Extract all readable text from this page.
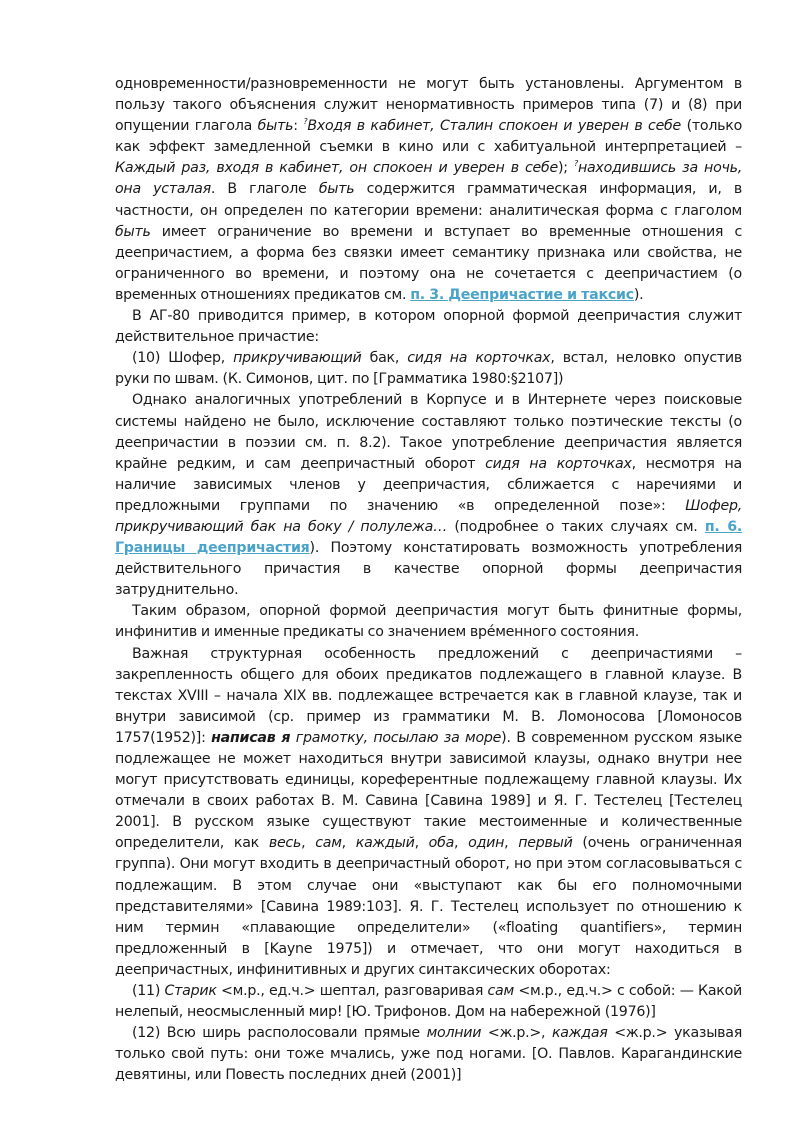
одновременности/разновременности не могут быть установлены. Аргументом в пользу такого объяснения служит ненормативность примеров типа (7) и (8) при опущении глагола быть: ?Входя в кабинет, Сталин спокоен и уверен в себе (только как эффект замедленной съемки в кино или с хабитуальной интерпретацией – Каждый раз, входя в кабинет, он спокоен и уверен в себе); ?находившись за ночь, она усталая. В глаголе быть содержится грамматическая информация, и, в частности, он определен по категории времени: аналитическая форма с глаголом быть имеет ограничение во времени и вступает во временные отношения с деепричастием, а форма без связки имеет семантику признака или свойства, не ограниченного во времени, и поэтому она не сочетается с деепричастием (о временных отношениях предикатов см. п. 3. Деепричастие и таксис).

В АГ-80 приводится пример, в котором опорной формой деепричастия служит действительное причастие:

(10) Шофер, прикручивающий бак, сидя на корточках, встал, неловко опустив руки по швам. (К. Симонов, цит. по [Грамматика 1980:§2107])

Однако аналогичных употреблений в Корпусе и в Интернете через поисковые системы найдено не было, исключение составляют только поэтические тексты (о деепричастии в поэзии см. п. 8.2). Такое употребление деепричастия является крайне редким, и сам деепричастный оборот сидя на корточках, несмотря на наличие зависимых членов у деепричастия, сближается с наречиями и предложными группами по значению «в определенной позе»: Шофер, прикручивающий бак на боку / полулежа… (подробнее о таких случаях см. п. 6. Границы деепричастия). Поэтому констатировать возможность употребления действительного причастия в качестве опорной формы деепричастия затруднительно.

Таким образом, опорной формой деепричастия могут быть финитные формы, инфинитив и именные предикаты со значением вре́менного состояния.

Важная структурная особенность предложений с деепричастиями – закрепленность общего для обоих предикатов подлежащего в главной клаузе. В текстах XVIII – начала XIX вв. подлежащее встречается как в главной клаузе, так и внутри зависимой (ср. пример из грамматики М. В. Ломоносова [Ломоносов 1757(1952)]: написав я грамотку, посылаю за море). В современном русском языке подлежащее не может находиться внутри зависимой клаузы, однако внутри нее могут присутствовать единицы, кореферентные подлежащему главной клаузы. Их отмечали в своих работах В. М. Савина [Савина 1989] и Я. Г. Тестелец [Тестелец 2001]. В русском языке существуют такие местоименные и количественные определители, как весь, сам, каждый, оба, один, первый (очень ограниченная группа). Они могут входить в деепричастный оборот, но при этом согласовываться с подлежащим. В этом случае они «выступают как бы его полномочными представителями» [Савина 1989:103]. Я. Г. Тестелец использует по отношению к ним термин «плавающие определители» («floating quantifiers», термин предложенный в [Kayne 1975]) и отмечает, что они могут находиться в деепричастных, инфинитивных и других синтаксических оборотах:

(11) Старик <м.р., ед.ч.> шептал, разговаривая сам <м.р., ед.ч.> с собой: — Какой нелепый, неосмысленный мир! [Ю. Трифонов. Дом на набережной (1976)]

(12) Всю ширь располосовали прямые молнии <ж.р.>, каждая <ж.р.> указывая только свой путь: они тоже мчались, уже под ногами. [О. Павлов. Карагандинские девятины, или Повесть последних дней (2001)]
